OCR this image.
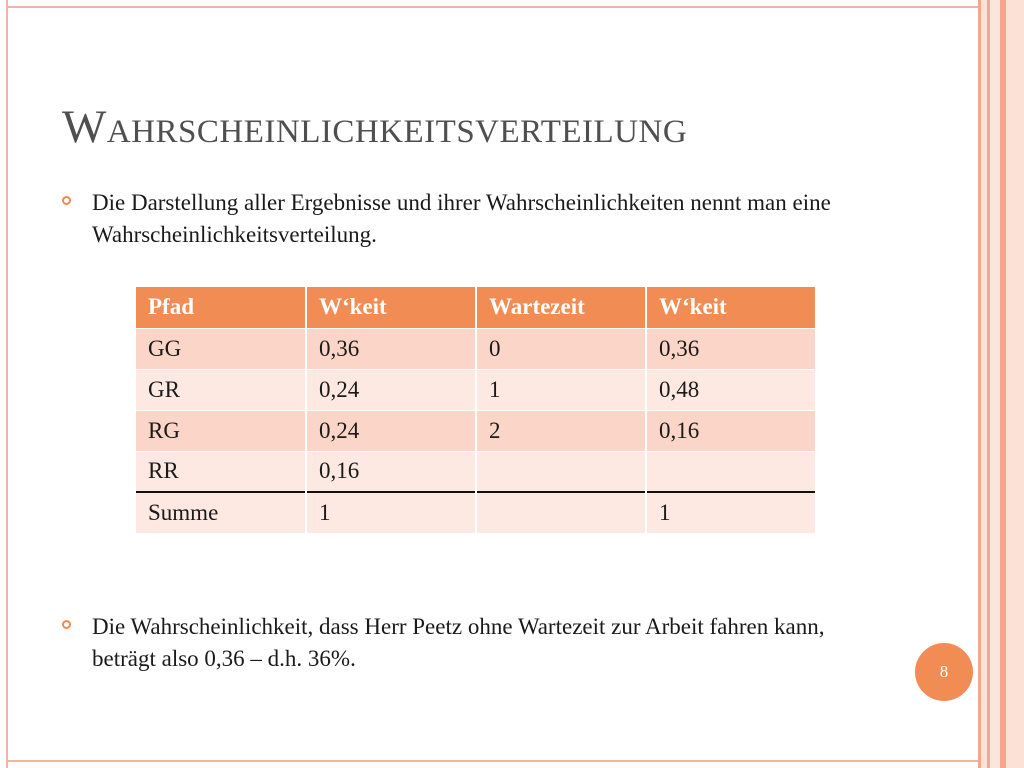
Wahrscheinlichkeitsverteilung
Die Darstellung aller Ergebnisse und ihrer Wahrscheinlichkeiten nennt man eine Wahrscheinlichkeitsverteilung.
Pfad	W‘keit	Wartezeit	W‘keit
GG	0,36	0	0,36
GR	0,24	1	0,48
RG	0,24	2	0,16
RR	0,16		
Summe	1		1
Die Wahrscheinlichkeit, dass Herr Peetz ohne Wartezeit zur Arbeit fahren kann, beträgt also 0,36 – d.h. 36%.
8
